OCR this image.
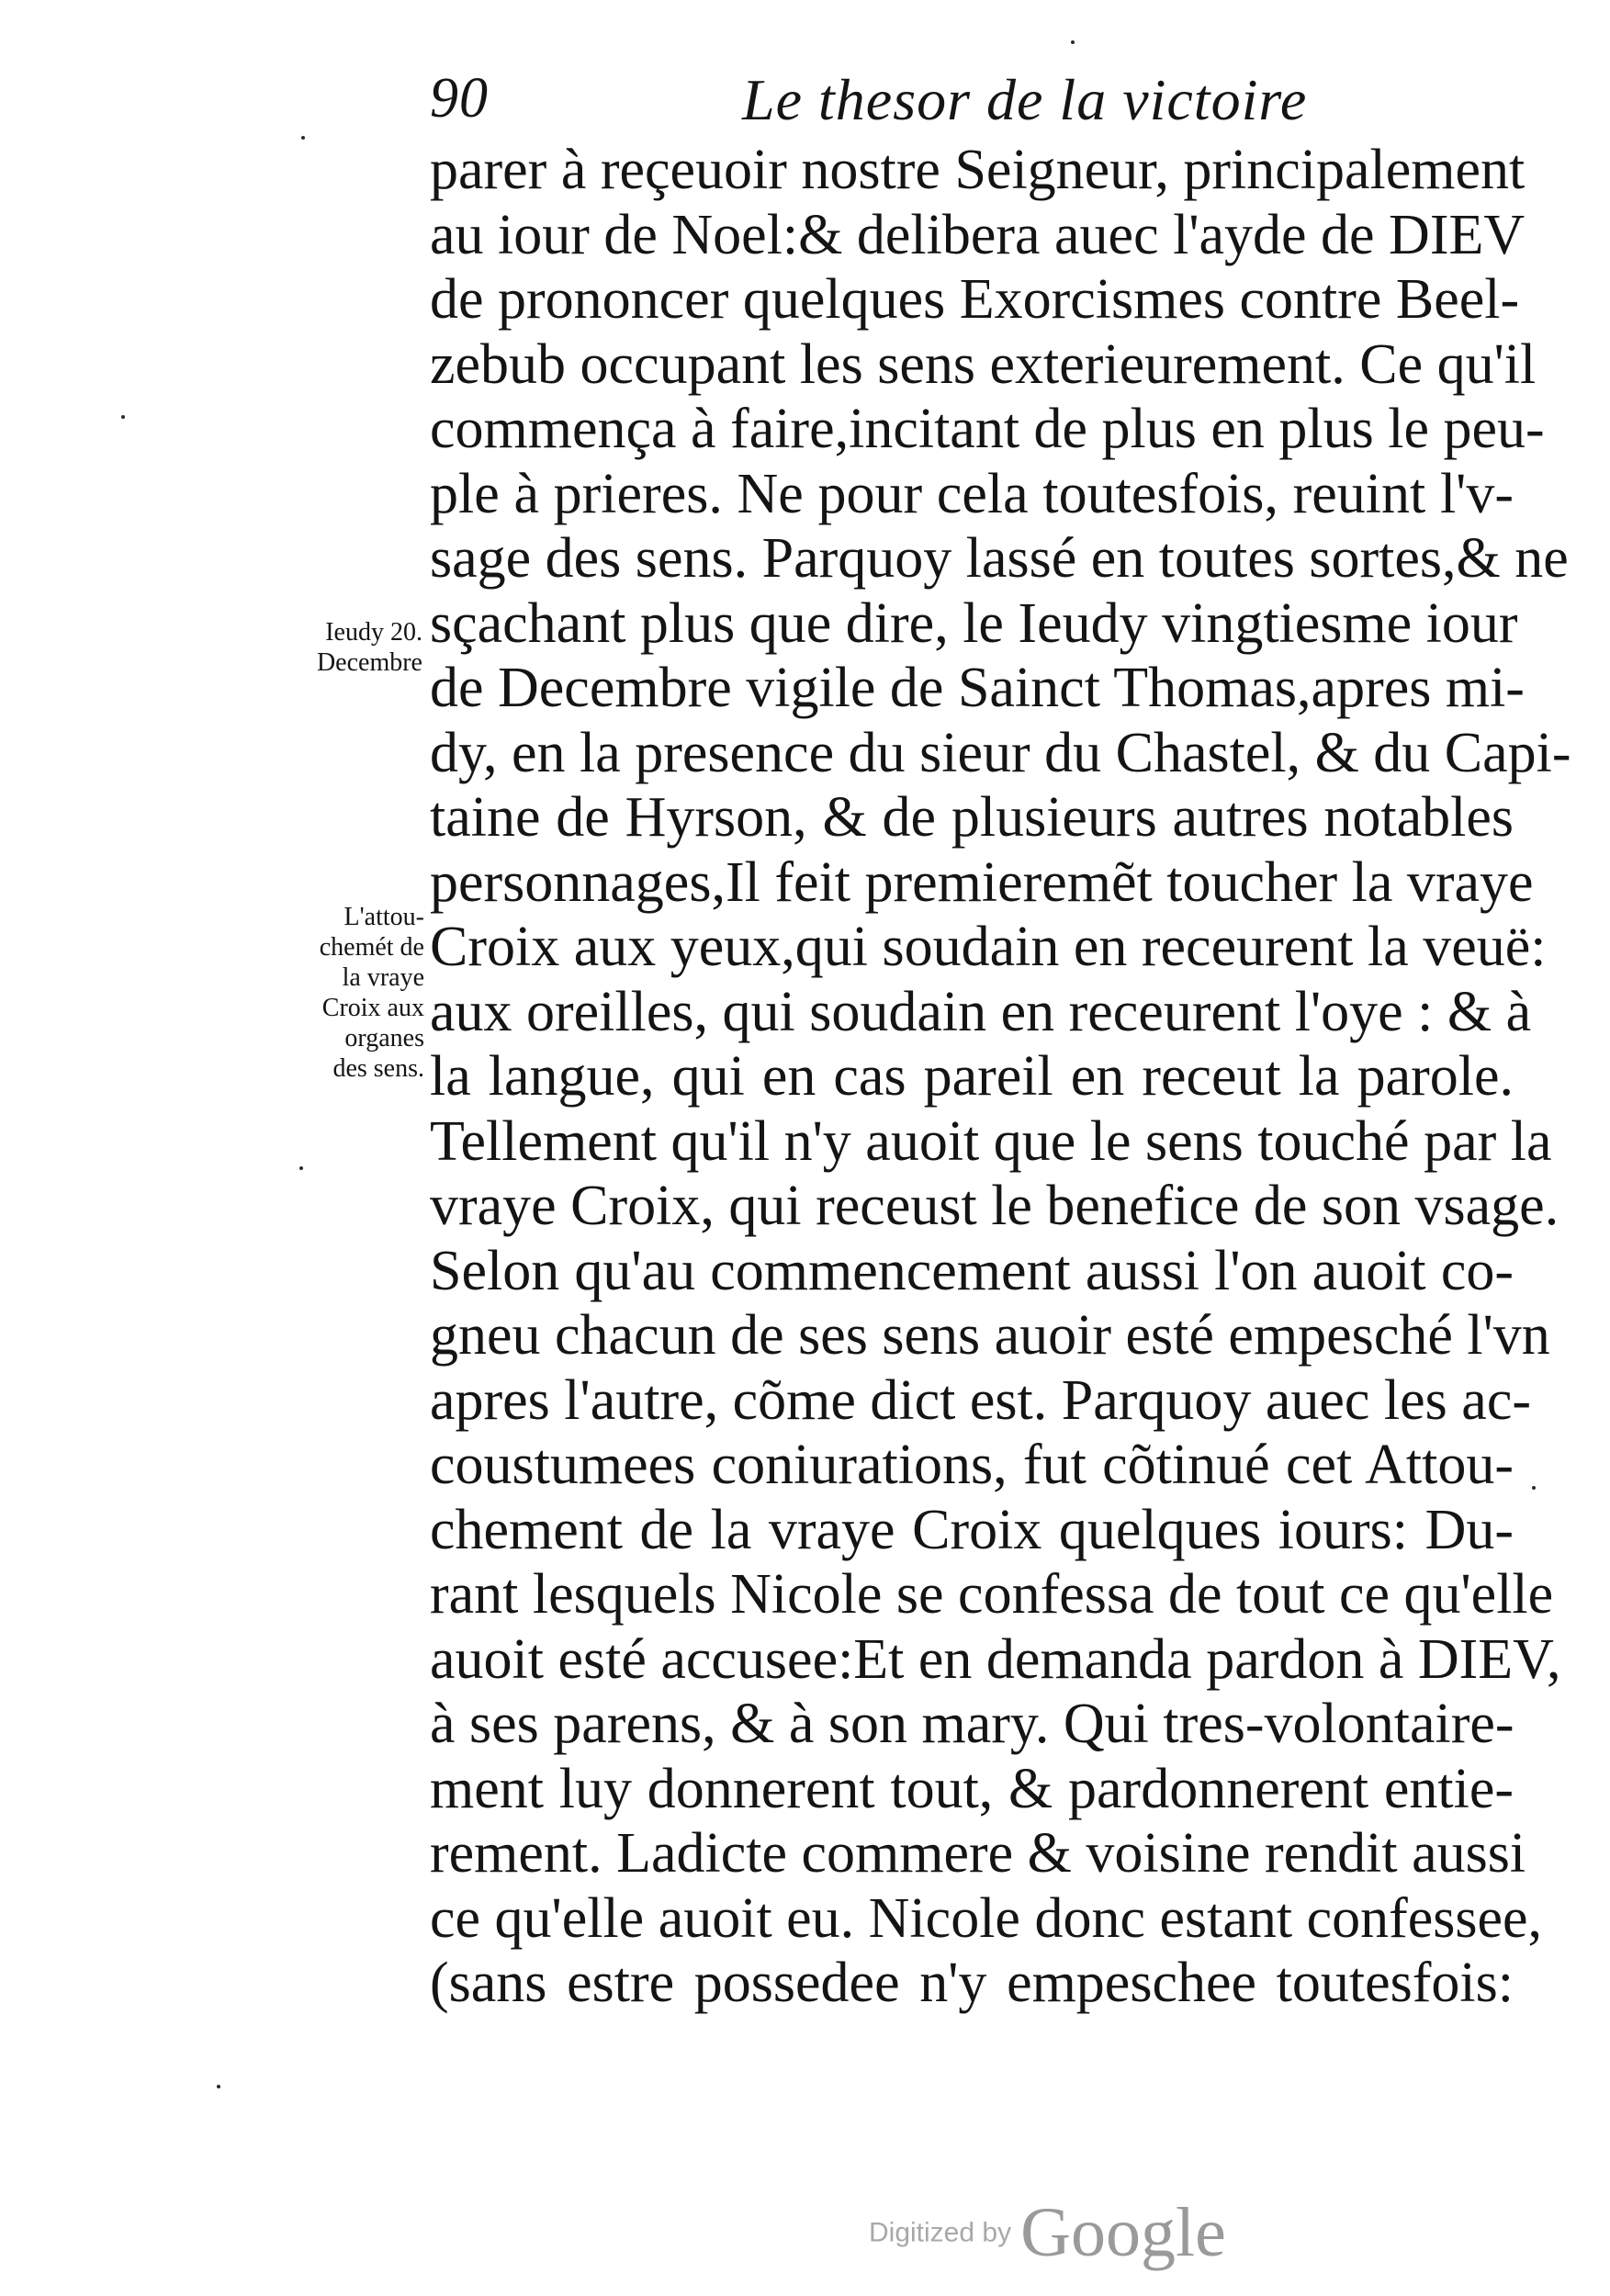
90	Le thesor de la victoire
Ieudy 20.
Decembre
L'attou-
chemét de
la vraye
Croix aux
organes
des sens.
parer à reçeuoir nostre Seigneur, principalement
au iour de Noel:& delibera auec l'ayde de DIEV
de prononcer quelques Exorcismes contre Beel-
zebub occupant les sens exterieurement. Ce qu'il
commença à faire,incitant de plus en plus le peu-
ple à prieres. Ne pour cela toutesfois, reuint l'v-
sage des sens. Parquoy lassé en toutes sortes,& ne
sçachant plus que dire, le Ieudy vingtiesme iour
de Decembre vigile de Sainct Thomas,apres mi-
dy, en la presence du sieur du Chastel, & du Capi-
taine de Hyrson, & de plusieurs autres notables
personnages,Il feit premieremẽt toucher la vraye
Croix aux yeux,qui soudain en receurent la veuë:
aux oreilles, qui soudain en receurent l'oye : & à
la langue, qui en cas pareil en receut la parole.
Tellement qu'il n'y auoit que le sens touché par la
vraye Croix, qui receust le benefice de son vsage.
Selon qu'au commencement aussi l'on auoit co-
gneu chacun de ses sens auoir esté empesché l'vn
apres l'autre, cõme dict est. Parquoy auec les ac-
coustumees coniurations, fut cõtinué cet Attou-
chement de la vraye Croix quelques iours: Du-
rant lesquels Nicole se confessa de tout ce qu'elle
auoit esté accusee:Et en demanda pardon à DIEV,
à ses parens, & à son mary. Qui tres-volontaire-
ment luy donnerent tout, & pardonnerent entie-
rement. Ladicte commere & voisine rendit aussi
ce qu'elle auoit eu. Nicole donc estant confessee,
(sans estre possedee n'y empeschee toutesfois:
Digitized by Google
